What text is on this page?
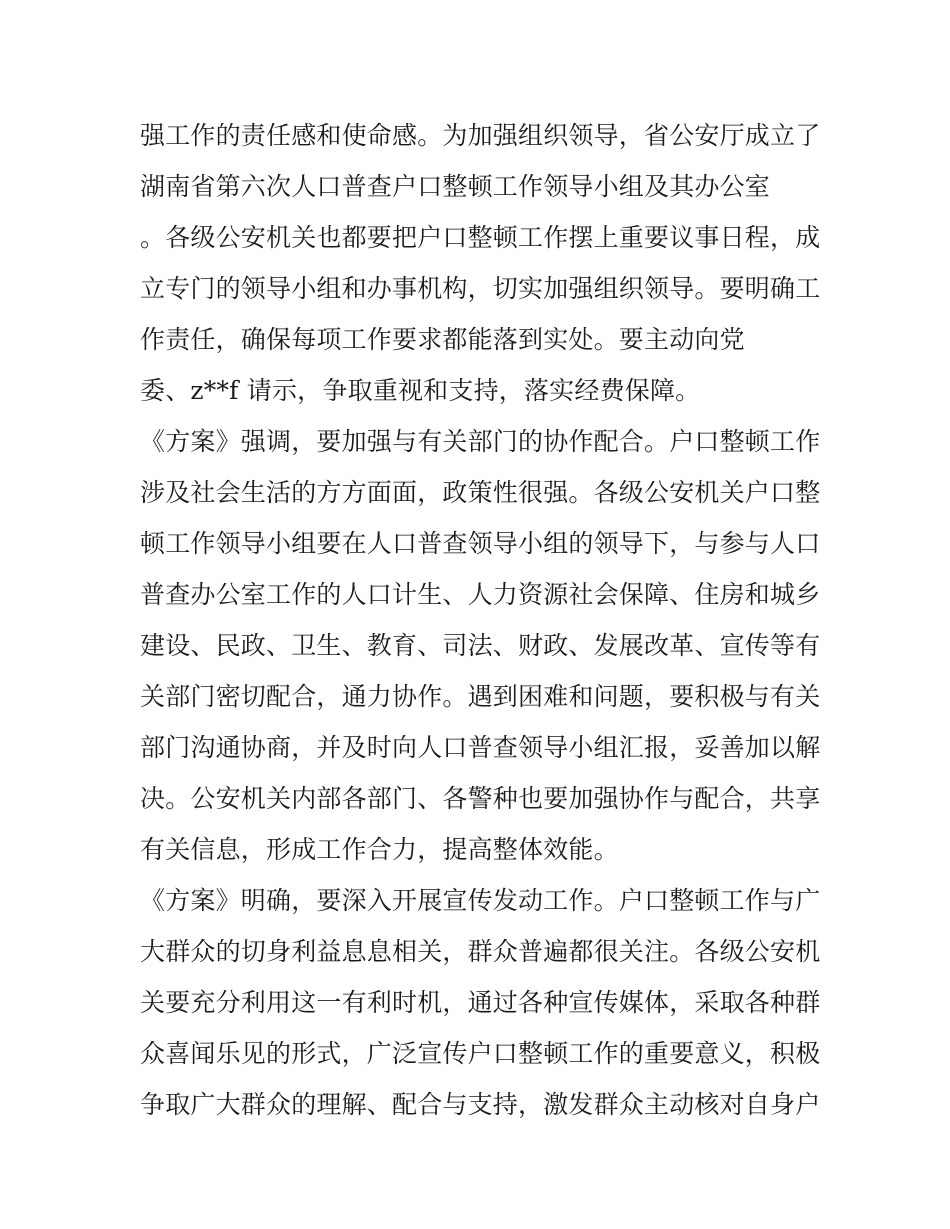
强工作的责任感和使命感。为加强组织领导，省公安厅成立了
湖南省第六次人口普查户口整顿工作领导小组及其办公室
。各级公安机关也都要把户口整顿工作摆上重要议事日程，成
立专门的领导小组和办事机构，切实加强组织领导。要明确工
作责任，确保每项工作要求都能落到实处。要主动向党
委、z**f 请示，争取重视和支持，落实经费保障。
《方案》强调，要加强与有关部门的协作配合。户口整顿工作
涉及社会生活的方方面面，政策性很强。各级公安机关户口整
顿工作领导小组要在人口普查领导小组的领导下，与参与人口
普查办公室工作的人口计生、人力资源社会保障、住房和城乡
建设、民政、卫生、教育、司法、财政、发展改革、宣传等有
关部门密切配合，通力协作。遇到困难和问题，要积极与有关
部门沟通协商，并及时向人口普查领导小组汇报，妥善加以解
决。公安机关内部各部门、各警种也要加强协作与配合，共享
有关信息，形成工作合力，提高整体效能。
《方案》明确，要深入开展宣传发动工作。户口整顿工作与广
大群众的切身利益息息相关，群众普遍都很关注。各级公安机
关要充分利用这一有利时机，通过各种宣传媒体，采取各种群
众喜闻乐见的形式，广泛宣传户口整顿工作的重要意义，积极
争取广大群众的理解、配合与支持，激发群众主动核对自身户
